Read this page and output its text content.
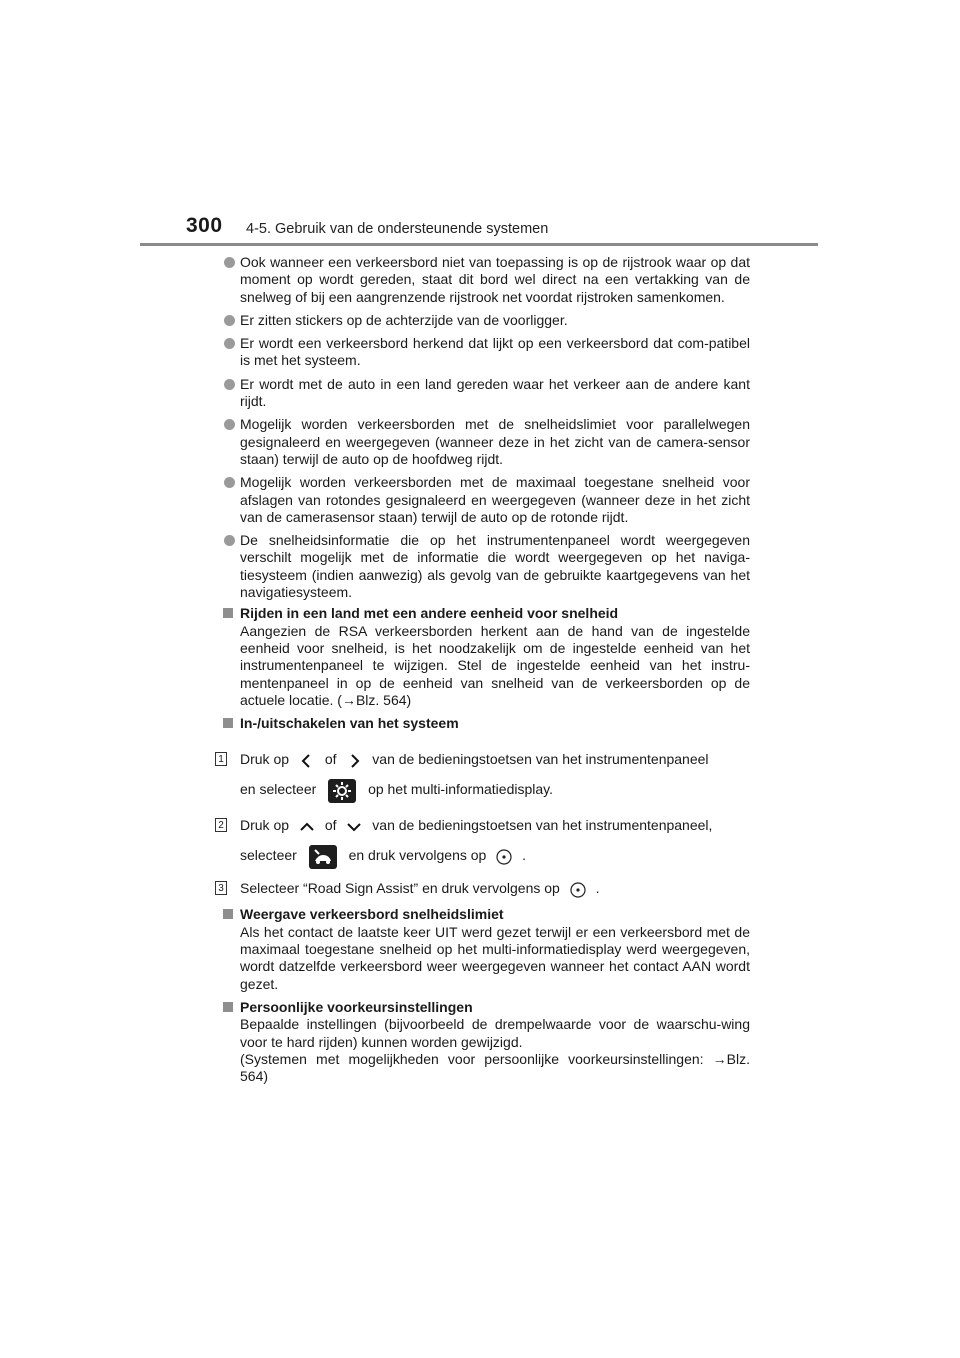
300 4-5. Gebruik van de ondersteunende systemen
Ook wanneer een verkeersbord niet van toepassing is op de rijstrook waar op dat moment op wordt gereden, staat dit bord wel direct na een vertakking van de snelweg of bij een aangrenzende rijstrook net voordat rijstroken samenkomen.
Er zitten stickers op de achterzijde van de voorligger.
Er wordt een verkeersbord herkend dat lijkt op een verkeersbord dat com-patibel is met het systeem.
Er wordt met de auto in een land gereden waar het verkeer aan de andere kant rijdt.
Mogelijk worden verkeersborden met de snelheidslimiet voor parallelwegen gesignaleerd en weergegeven (wanneer deze in het zicht van de camera-sensor staan) terwijl de auto op de hoofdweg rijdt.
Mogelijk worden verkeersborden met de maximaal toegestane snelheid voor afslagen van rotondes gesignaleerd en weergegeven (wanneer deze in het zicht van de camerasensor staan) terwijl de auto op de rotonde rijdt.
De snelheidsinformatie die op het instrumentenpaneel wordt weergegeven verschilt mogelijk met de informatie die wordt weergegeven op het naviga-tiesysteem (indien aanwezig) als gevolg van de gebruikte kaartgegevens van het navigatiesysteem.
Rijden in een land met een andere eenheid voor snelheid
Aangezien de RSA verkeersborden herkent aan de hand van de ingestelde eenheid voor snelheid, is het noodzakelijk om de ingestelde eenheid van het instrumentenpaneel te wijzigen. Stel de ingestelde eenheid van het instru-mentenpaneel in op de eenheid van snelheid van de verkeersborden op de actuele locatie. (→Blz. 564)
In-/uitschakelen van het systeem
1 Druk op	of	van de bedieningstoetsen van het instrumentenpaneel
en selecteer	op het multi-informatiedisplay.
2 Druk op	of	van de bedieningstoetsen van het instrumentenpaneel,
selecteer	en druk vervolgens op	.
3 Selecteer “Road Sign Assist” en druk vervolgens op	.
Weergave verkeersbord snelheidslimiet
Als het contact de laatste keer UIT werd gezet terwijl er een verkeersbord met de maximaal toegestane snelheid op het multi-informatiedisplay werd weergegeven, wordt datzelfde verkeersbord weer weergegeven wanneer het contact AAN wordt gezet.
Persoonlijke voorkeursinstellingen
Bepaalde instellingen (bijvoorbeeld de drempelwaarde voor de waarschu-wing voor te hard rijden) kunnen worden gewijzigd.
(Systemen met mogelijkheden voor persoonlijke voorkeursinstellingen: →Blz. 564)
